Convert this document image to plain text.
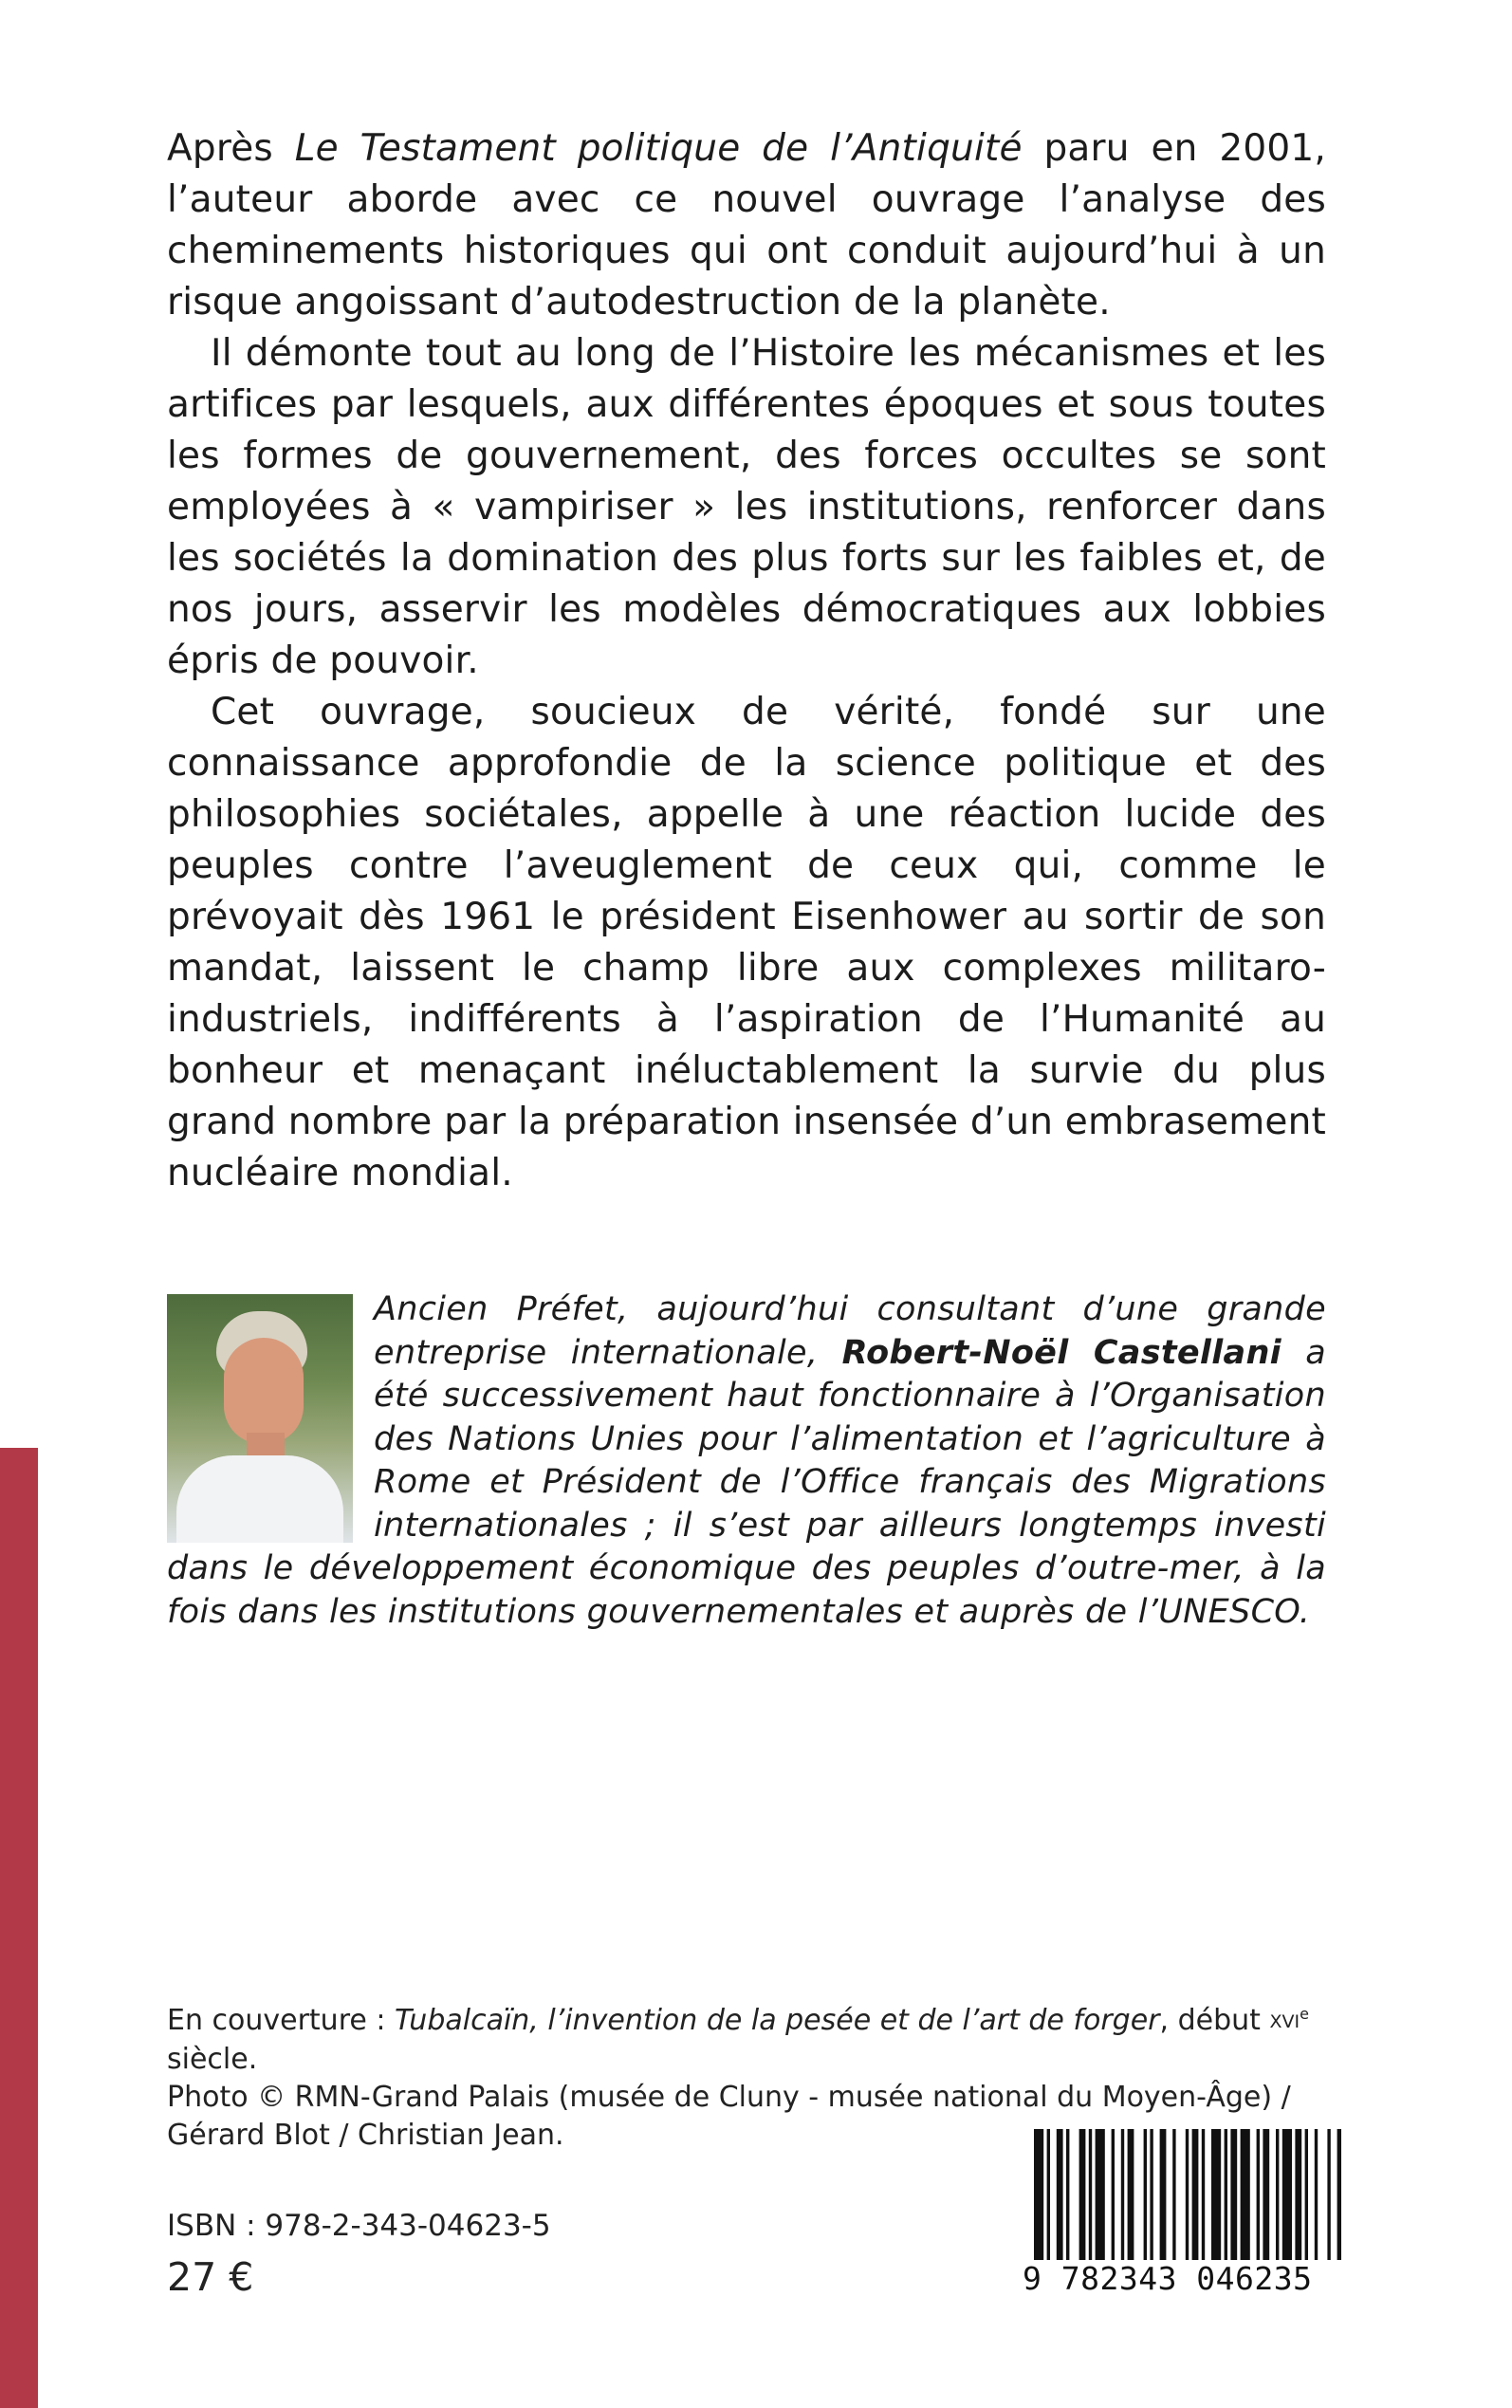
Après Le Testament politique de l’Antiquité paru en 2001, l’auteur aborde avec ce nouvel ouvrage l’analyse des cheminements historiques qui ont conduit aujourd’hui à un risque angoissant d’autodestruction de la planète.

Il démonte tout au long de l’Histoire les mécanismes et les artifices par lesquels, aux différentes époques et sous toutes les formes de gouvernement, des forces occultes se sont employées à « vampiriser » les institutions, renforcer dans les sociétés la domination des plus forts sur les faibles et, de nos jours, asservir les modèles démocratiques aux lobbies épris de pouvoir.

Cet ouvrage, soucieux de vérité, fondé sur une connaissance approfondie de la science politique et des philosophies sociétales, appelle à une réaction lucide des peuples contre l’aveuglement de ceux qui, comme le prévoyait dès 1961 le président Eisenhower au sortir de son mandat, laissent le champ libre aux complexes militaro-industriels, indifférents à l’aspiration de l’Humanité au bonheur et menaçant inéluctablement la survie du plus grand nombre par la préparation insensée d’un embrasement nucléaire mondial.

Ancien Préfet, aujourd’hui consultant d’une grande entreprise internationale, Robert-Noël Castellani a été successivement haut fonctionnaire à l’Organisation des Nations Unies pour l’alimentation et l’agriculture à Rome et Président de l’Office français des Migrations internationales ; il s’est par ailleurs longtemps investi dans le développement économique des peuples d’outre-mer, à la fois dans les institutions gouvernementales et auprès de l’UNESCO.
En couverture : Tubalcaïn, l’invention de la pesée et de l’art de forger, début XVIe siècle.
Photo © RMN-Grand Palais (musée de Cluny - musée national du Moyen-Âge) /
Gérard Blot / Christian Jean.
ISBN : 978-2-343-04623-5
27 €	9 782343 046235
